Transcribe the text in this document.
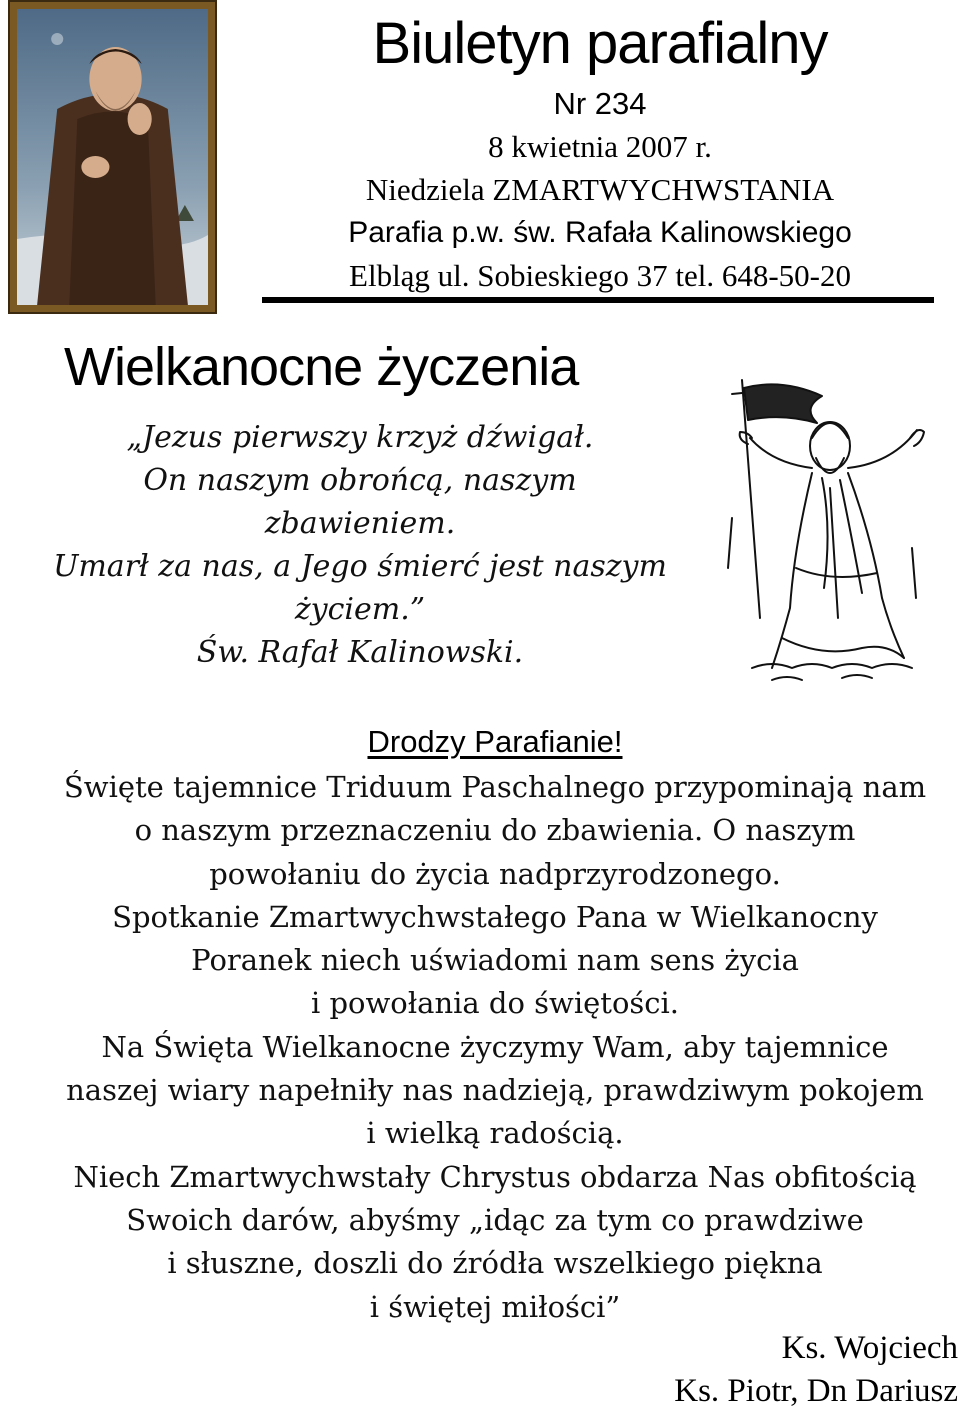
Biuletyn parafialny
Nr 234
8 kwietnia 2007 r.
Niedziela ZMARTWYCHWSTANIA
Parafia p.w. św. Rafała Kalinowskiego
Elbląg ul. Sobieskiego 37 tel. 648-50-20
Wielkanocne życzenia
„Jezus pierwszy krzyż dźwigał.
On naszym obrońcą, naszym
zbawieniem.
Umarł za nas, a Jego śmierć jest naszym
życiem.”
Św. Rafał Kalinowski.
Drodzy Parafianie!
Święte tajemnice Triduum Paschalnego przypominają nam
o naszym przeznaczeniu do zbawienia. O naszym
powołaniu do życia nadprzyrodzonego.
Spotkanie Zmartwychwstałego Pana w Wielkanocny
Poranek niech uświadomi nam sens życia
i powołania do świętości.
Na Święta Wielkanocne życzymy Wam, aby tajemnice
naszej wiary napełniły nas nadzieją, prawdziwym pokojem
i wielką radością.
Niech Zmartwychwstały Chrystus obdarza Nas obfitością
Swoich darów, abyśmy „idąc za tym co prawdziwe
i słuszne, doszli do źródła wszelkiego piękna
i świętej miłości”
Ks. Wojciech
Ks. Piotr, Dn Dariusz
